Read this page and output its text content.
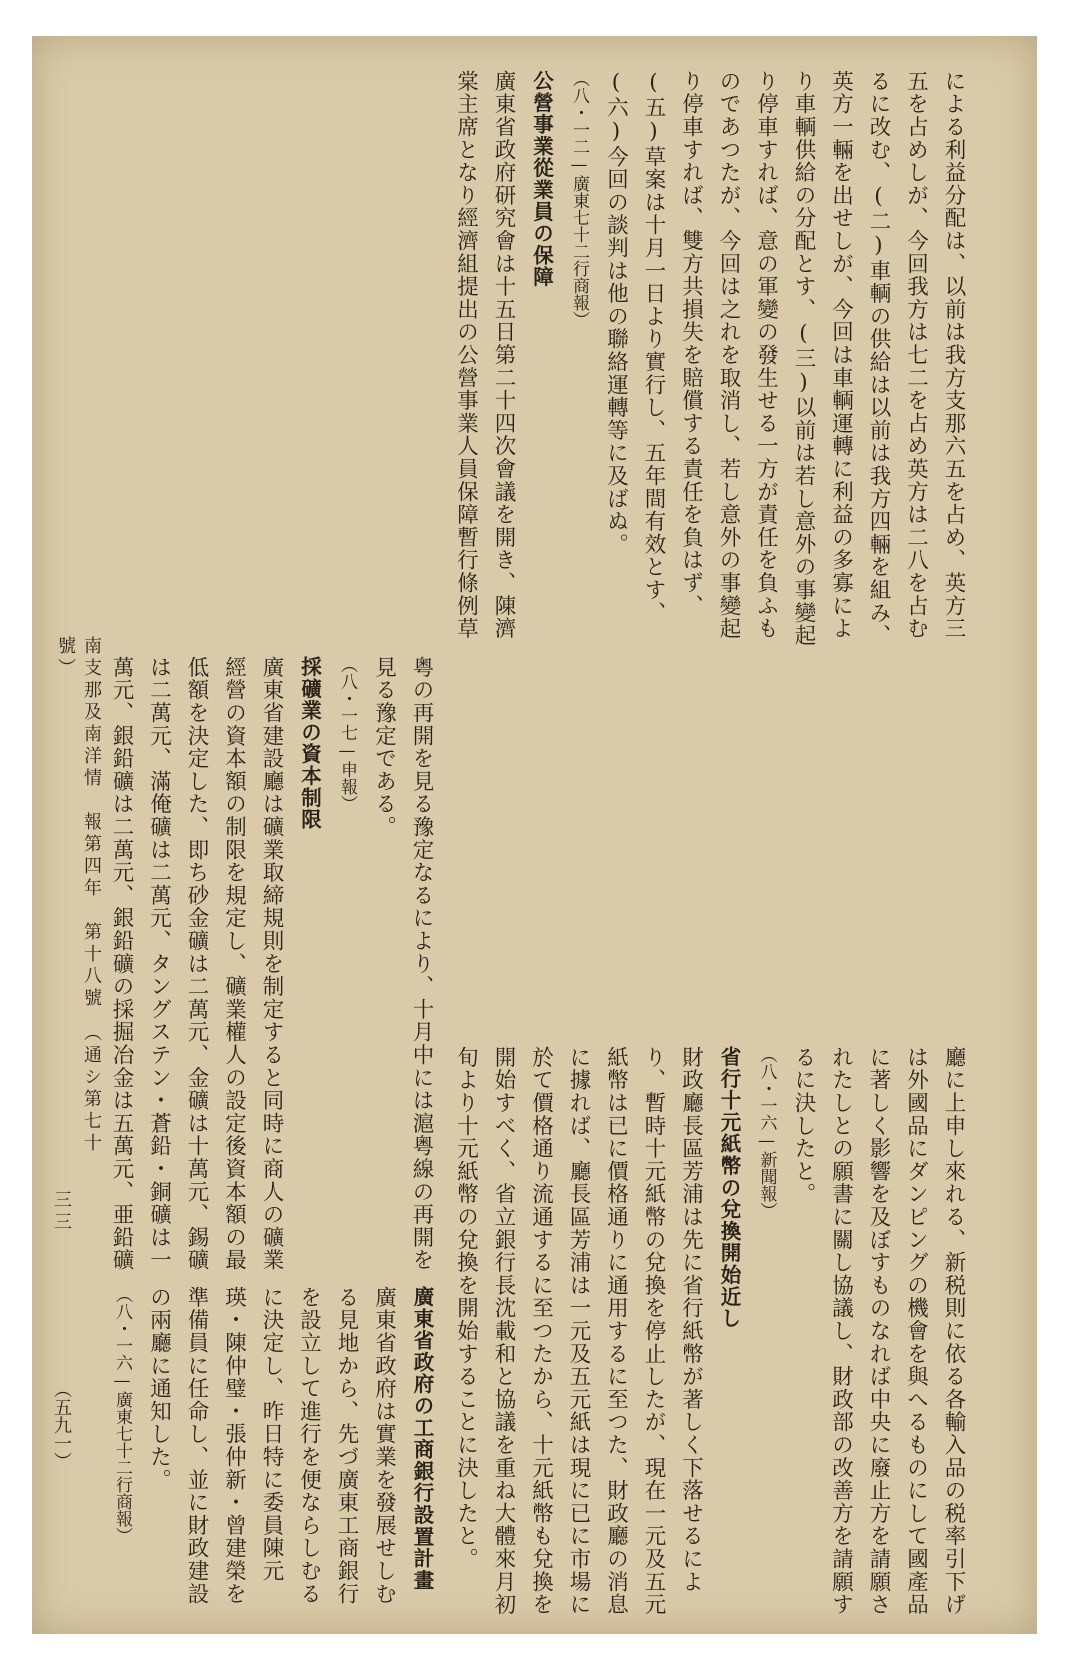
による利益分配は、以前は我方支那六五を占め、英方三五を占めしが、今回我方は七二を占め英方は二八を占むるに改む、(二)車輌の供給は以前は我方四輛を組み、英方一輛を出せしが、今回は車輌運轉に利益の多寡により車輌供給の分配とす、(三)以前は若し意外の事變起り停車すれば、意の軍變の發生せる一方が責任を負ふものであつたが、今回は之れを取消し、若し意外の事變起り停車すれば、雙方共損失を賠償する責任を負はず、(五)草案は十月一日より實行し、五年間有效とす、(六)今回の談判は他の聯絡運轉等に及ばぬ。
（八・一二—廣東七十二行商報）
公營事業從業員の保障
廣東省政府研究會は十五日第二十四次會議を開き、陳濟棠主席となり經濟組提出の公營事業人員保障暫行條例草
粤の再開を見る豫定なるにより、十月中には滬粤線の再開を見る豫定である。
（八・一七—申報）
採礦業の資本制限
廣東省建設廳は礦業取締規則を制定すると同時に商人の礦業經營の資本額の制限を規定し、礦業權人の設定後資本額の最低額を決定した、即ち砂金礦は二萬元、金礦は十萬元、錫礦は二萬元、滿俺礦は二萬元、タングステン・蒼鉛・銅礦は一萬元、銀鉛礦は二萬元、銀鉛礦の採掘冶金は五萬元、亜鉛礦	廳に上申し來れる、新税則に依る各輸入品の税率引下げは外國品にダンピングの機會を與へるものにして國產品に著しく影響を及ぼすものなれば中央に廢止方を請願されたしとの願書に關し協議し、財政部の改善方を請願するに決したと。
（八・一六—新聞報）
省行十元紙幣の兌換開始近し
財政廳長區芳浦は先に省行紙幣が著しく下落せるによ り、暫時十元紙幣の兌換を停止したが、現在一元及五元紙幣は已に價格通りに通用するに至つた、財政廳の消息に據れば、廳長區芳浦は一元及五元紙は現に已に市場に於て價格通り流通するに至つたから、十元紙幣も兌換を開始すべく、省立銀行長沈載和と協議を重ね大體來月初旬より十元紙幣の兌換を開始することに決したと。
廣東省政府の工商銀行設置計畫
廣東省政府は實業を發展せしむる見地から、先づ廣東工商銀行を設立して進行を便ならしむるに決定し、昨日特に委員陳元瑛・陳仲璧・張仲新・曾建榮を準備員に任命し、並に財政建設の兩廳に通知した。
（八・一六—廣東七十二行商報）
南支那及南洋情　報第四年　第十八號　（通シ第七十號）
三三
（五九一）
